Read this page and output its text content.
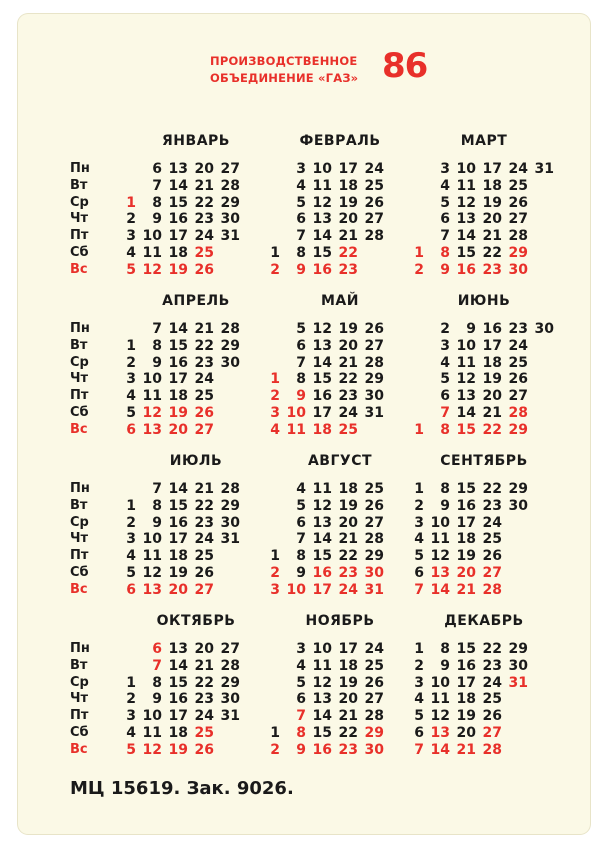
ПРОИЗВОДСТВЕННОЕ
ОБЪЕДИНЕНИЕ «ГАЗ» 86
Пн
Вт
Ср
Чт
Пт
Сб
Вс
Пн
Вт
Ср
Чт
Пт
Сб
Вс
Пн
Вт
Ср
Чт
Пт
Сб
Вс
Пн
Вт
Ср
Чт
Пт
Сб
Вс
ЯНВАРЬ
1
2
3
4
5
6
7
8
9
10
11
12
13
14
15
16
17
18
19
20
21
22
23
24
25
26
27
28
29
30
31
ФЕВРАЛЬ
1
2
3
4
5
6
7
8
9
10
11
12
13
14
15
16
17
18
19
20
21
22
23
24
25
26
27
28
МАРТ
1
2
3
4
5
6
7
8
9
10
11
12
13
14
15
16
17
18
19
20
21
22
23
24
25
26
27
28
29
30
31
АПРЕЛЬ
1
2
3
4
5
6
7
8
9
10
11
12
13
14
15
16
17
18
19
20
21
22
23
24
25
26
27
28
29
30
МАЙ
1
2
3
4
5
6
7
8
9
10
11
12
13
14
15
16
17
18
19
20
21
22
23
24
25
26
27
28
29
30
31
ИЮНЬ
1
2
3
4
5
6
7
8
9
10
11
12
13
14
15
16
17
18
19
20
21
22
23
24
25
26
27
28
29
30
ИЮЛЬ
1
2
3
4
5
6
7
8
9
10
11
12
13
14
15
16
17
18
19
20
21
22
23
24
25
26
27
28
29
30
31
АВГУСТ
1
2
3
4
5
6
7
8
9
10
11
12
13
14
15
16
17
18
19
20
21
22
23
24
25
26
27
28
29
30
31
СЕНТЯБРЬ
1
2
3
4
5
6
7
8
9
10
11
12
13
14
15
16
17
18
19
20
21
22
23
24
25
26
27
28
29
30
ОКТЯБРЬ
1
2
3
4
5
6
7
8
9
10
11
12
13
14
15
16
17
18
19
20
21
22
23
24
25
26
27
28
29
30
31
НОЯБРЬ
1
2
3
4
5
6
7
8
9
10
11
12
13
14
15
16
17
18
19
20
21
22
23
24
25
26
27
28
29
30
ДЕКАБРЬ
1
2
3
4
5
6
7
8
9
10
11
12
13
14
15
16
17
18
19
20
21
22
23
24
25
26
27
28
29
30
31
МЦ 15619. Зак. 9026.
